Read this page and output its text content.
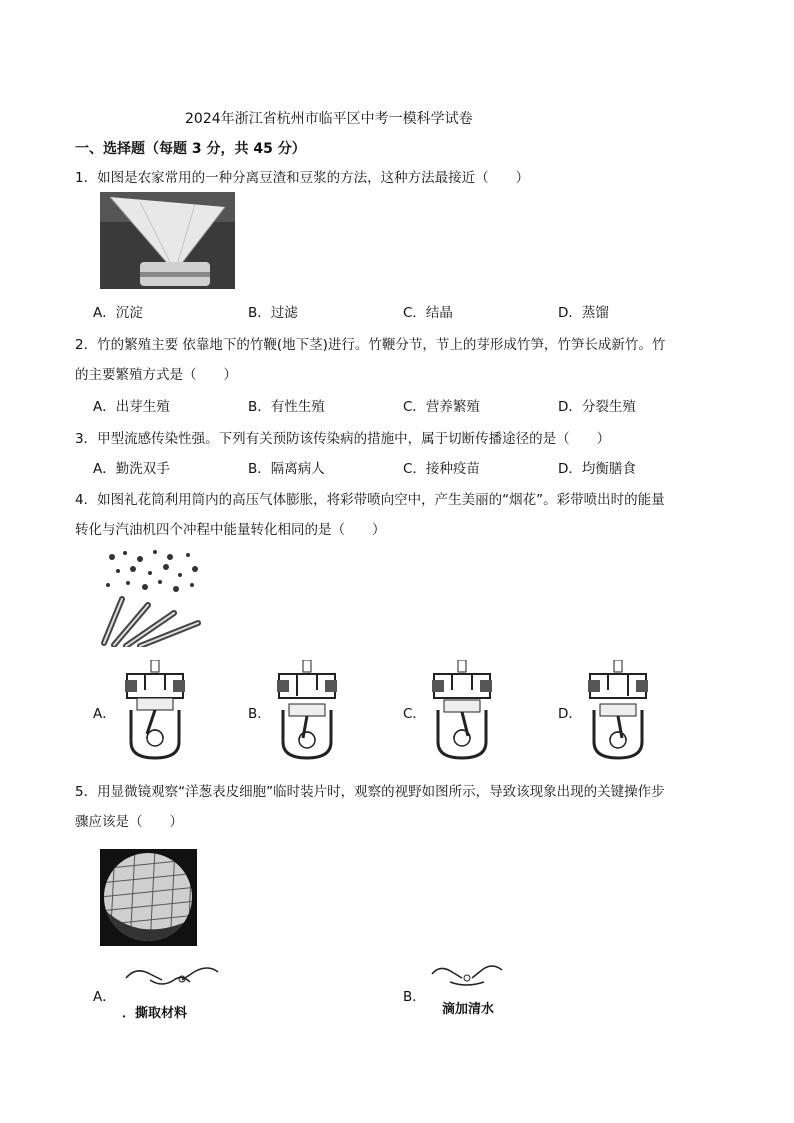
2024年浙江省杭州市临平区中考一模科学试卷
一、选择题（每题 3 分，共 45 分）
1．如图是农家常用的一种分离豆渣和豆浆的方法，这种方法最接近（　　）
A．沉淀	B．过滤	C．结晶	D．蒸馏
2．竹的繁殖主要 依靠地下的竹鞭(地下茎)进行。竹鞭分节，节上的芽形成竹笋，竹笋长成新竹。竹
的主要繁殖方式是（　　）
A．出芽生殖	B．有性生殖	C．营养繁殖	D．分裂生殖
3．甲型流感传染性强。下列有关预防该传染病的措施中，属于切断传播途径的是（　　）
A．勤洗双手	B．隔离病人	C．接种疫苗	D．均衡膳食
4．如图礼花筒利用筒内的高压气体膨胀，将彩带喷向空中，产生美丽的“烟花”。彩带喷出时的能量
转化与汽油机四个冲程中能量转化相同的是（　　）
A．	B．	C．	D．
5．用显微镜观察“洋葱表皮细胞”临时装片时，观察的视野如图所示，导致该现象出现的关键操作步
骤应该是（　　）
A．
．撕取材料
B．
滴加清水
